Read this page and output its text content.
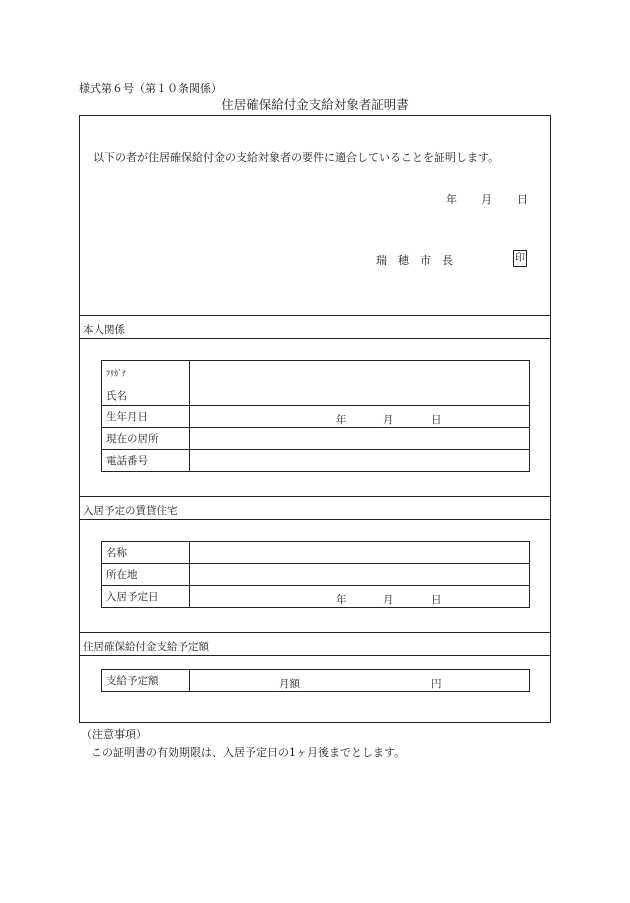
様式第６号（第１０条関係）
住居確保給付金支給対象者証明書
以下の者が住居確保給付金の支給対象者の要件に適合していることを証明します。
年 月 日
瑞　穂　市　長	印
本人関係
ﾌﾘｶﾞﾅ
氏名	

生年月日	年 月 日

現在の居所	
電話番号	
入居予定の賃貸住宅
名称	
所在地	
入居予定日	年 月 日
住居確保給付金支給予定額
支給予定額	月額	円
（注意事項）
この証明書の有効期限は、入居予定日の1ヶ月後までとします。
